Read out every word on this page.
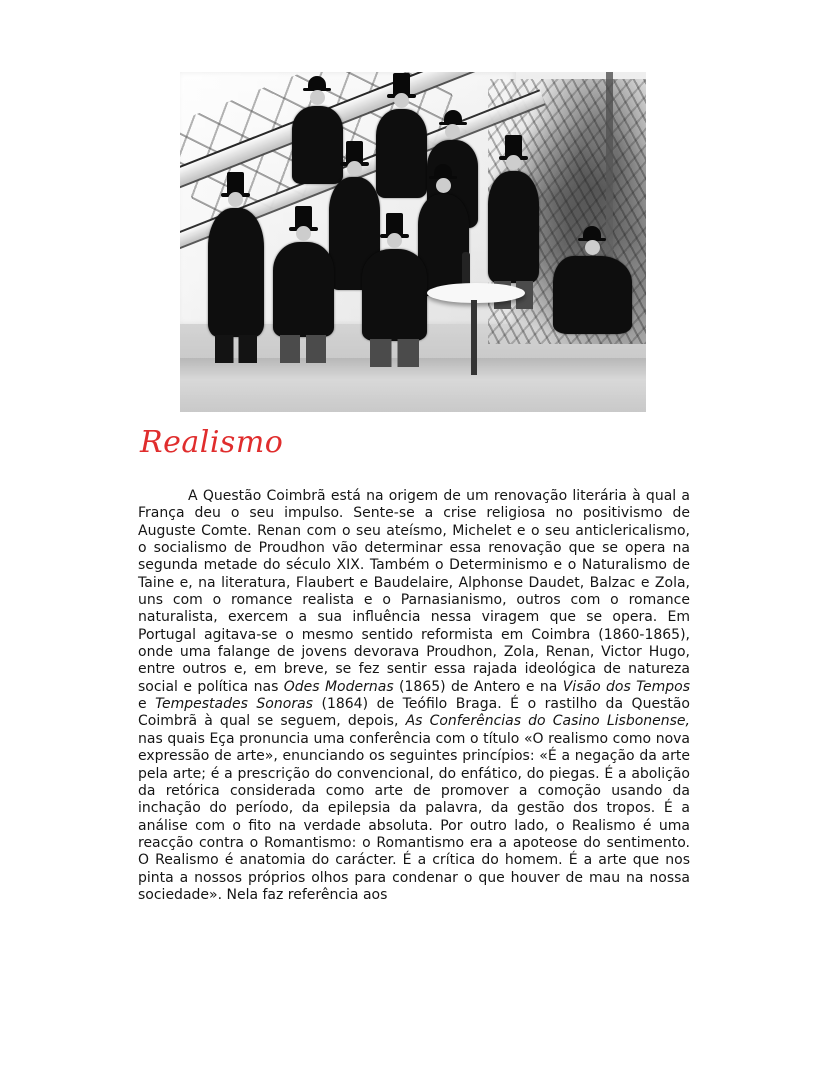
Realismo

A Questão Coimbrã está na origem de um renovação literária à qual a França deu o seu impulso. Sente-se a crise religiosa no positivismo de Auguste Comte. Renan com o seu ateísmo, Michelet e o seu anticlericalismo, o socialismo de Proudhon vão determinar essa renovação que se opera na segunda metade do século XIX. Também o Determinismo e o Naturalismo de Taine e, na literatura, Flaubert e Baudelaire, Alphonse Daudet, Balzac e Zola, uns com o romance realista e o Parnasianismo, outros com o romance naturalista, exercem a sua influência nessa viragem que se opera. Em Portugal agitava-se o mesmo sentido reformista em Coimbra (1860-1865), onde uma falange de jovens devorava Proudhon, Zola, Renan, Victor Hugo, entre outros e, em breve, se fez sentir essa rajada ideológica de natureza social e política nas Odes Modernas (1865) de Antero e na Visão dos Tempos e Tempestades Sonoras (1864) de Teófilo Braga. É o rastilho da Questão Coimbrã à qual se seguem, depois, As Conferências do Casino Lisbonense, nas quais Eça pronuncia uma conferência com o título «O realismo como nova expressão de arte», enunciando os seguintes princípios: «É a negação da arte pela arte; é a prescrição do convencional, do enfático, do piegas. É a abolição da retórica considerada como arte de promover a comoção usando da inchação do período, da epilepsia da palavra, da gestão dos tropos. É a análise com o fito na verdade absoluta. Por outro lado, o Realismo é uma reacção contra o Romantismo: o Romantismo era a apoteose do sentimento. O Realismo é anatomia do carácter. É a crítica do homem. É a arte que nos pinta a nossos próprios olhos para condenar o que houver de mau na nossa sociedade». Nela faz referência aos
